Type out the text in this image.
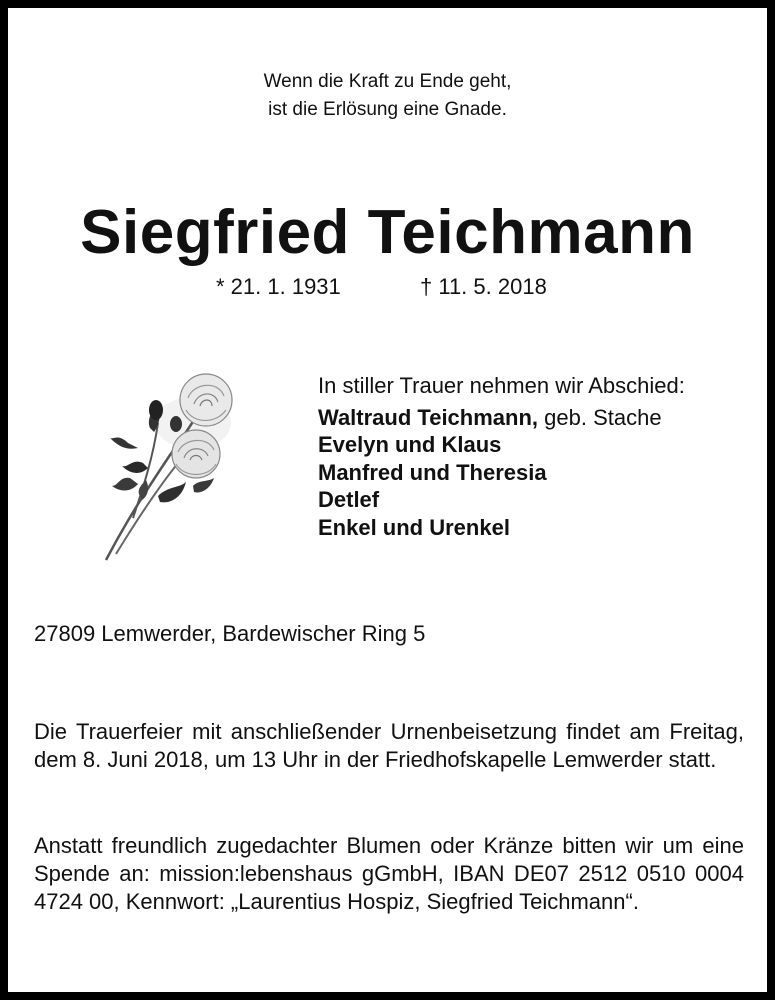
Wenn die Kraft zu Ende geht,
ist die Erlösung eine Gnade.
Siegfried Teichmann
* 21. 1. 1931	† 11. 5. 2018
In stiller Trauer nehmen wir Abschied:
Waltraud Teichmann, geb. Stache
Evelyn und Klaus
Manfred und Theresia
Detlef
Enkel und Urenkel
27809 Lemwerder, Bardewischer Ring 5
Die Trauerfeier mit anschließender Urnenbeisetzung findet am Freitag, dem 8. Juni 2018, um 13 Uhr in der Friedhofskapelle Lemwerder statt.
Anstatt freundlich zugedachter Blumen oder Kränze bitten wir um eine Spende an: mission:lebenshaus gGmbH, IBAN DE07 2512 0510 0004 4724 00, Kennwort: „Laurentius Hospiz, Siegfried Teichmann“.
